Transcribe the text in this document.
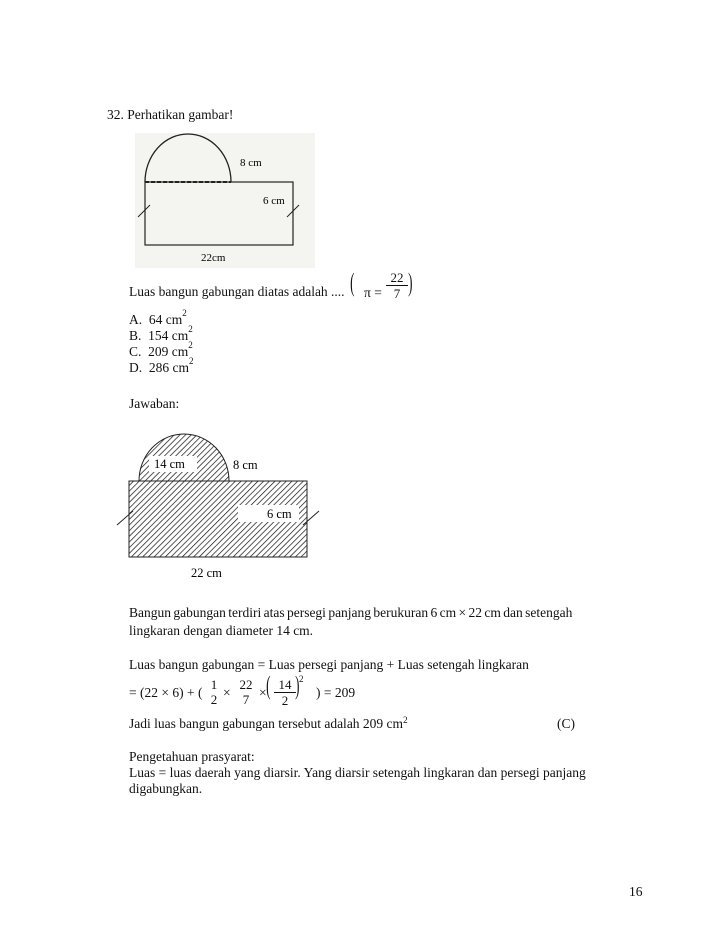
32. Perhatikan gambar!
8 cm
6 cm
22cm
Luas bangun gabungan diatas adalah .... ( $\pi = \frac{22}{7}$ )
A. 64 $cm^2$
B. 154 $cm^2$
C. 209 $cm^2$
D. 286 $cm^2$
Jawaban:
14 cm	8 cm
6 cm
22 cm
Bangun gabungan terdiri atas persegi panjang berukuran 6 cm × 22 cm dan setengah
lingkaran dengan diameter 14 cm.
Luas bangun gabungan = Luas persegi panjang + Luas setengah lingkaran
= (22 × 6) + (
1
2 ×
22
7 × ( $\frac{14}{2}$ ) 2
) = 209
Jadi luas bangun gabungan tersebut adalah 209 $cm^2$	(C)
Pengetahuan prasyarat:
Luas = luas daerah yang diarsir. Yang diarsir setengah lingkaran dan persegi panjang
digabungkan.
16
